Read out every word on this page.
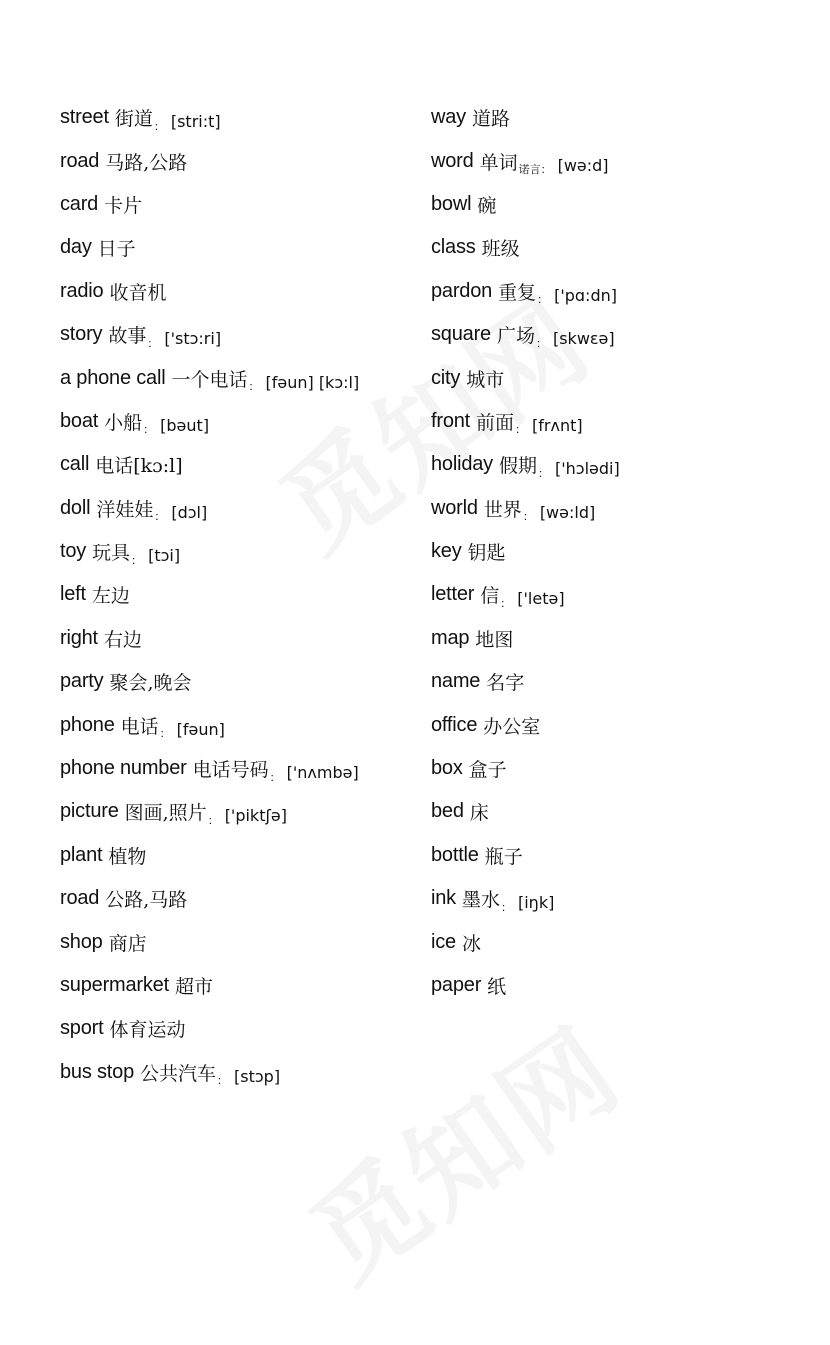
street 街道 ： [stri:t]
road 马路,公路
card 卡片
day 日子
radio 收音机
story 故事 ： ['stɔ:ri]
a phone call 一个电话 ： [fəun] [kɔ:l]
boat 小船 ： [bəut]
call 电话[kɔ:l]
doll 洋娃娃 ： [dɔl]
toy 玩具 ： [tɔi]
left 左边
right 右边
party 聚会,晚会
phone 电话 ： [fəun]
phone number 电话号码 ： ['nʌmbə]
picture 图画,照片 ： ['piktʃə]
plant 植物
road 公路,马路
shop 商店
supermarket 超市
sport 体育运动
bus stop 公共汽车 ： [stɔp]
way 道路
word 单词 诺言： [wə:d]
bowl 碗
class 班级
pardon 重复 ： ['pɑ:dn]
square 广场 ： [skwεə]
city 城市
front 前面 ： [frʌnt]
holiday 假期 ： ['hɔlədi]
world 世界 ： [wə:ld]
key 钥匙
letter 信 ： ['letə]
map 地图
name 名字
office 办公室
box 盒子
bed 床
bottle 瓶子
ink 墨水 ： [iŋk]
ice 冰
paper 纸
